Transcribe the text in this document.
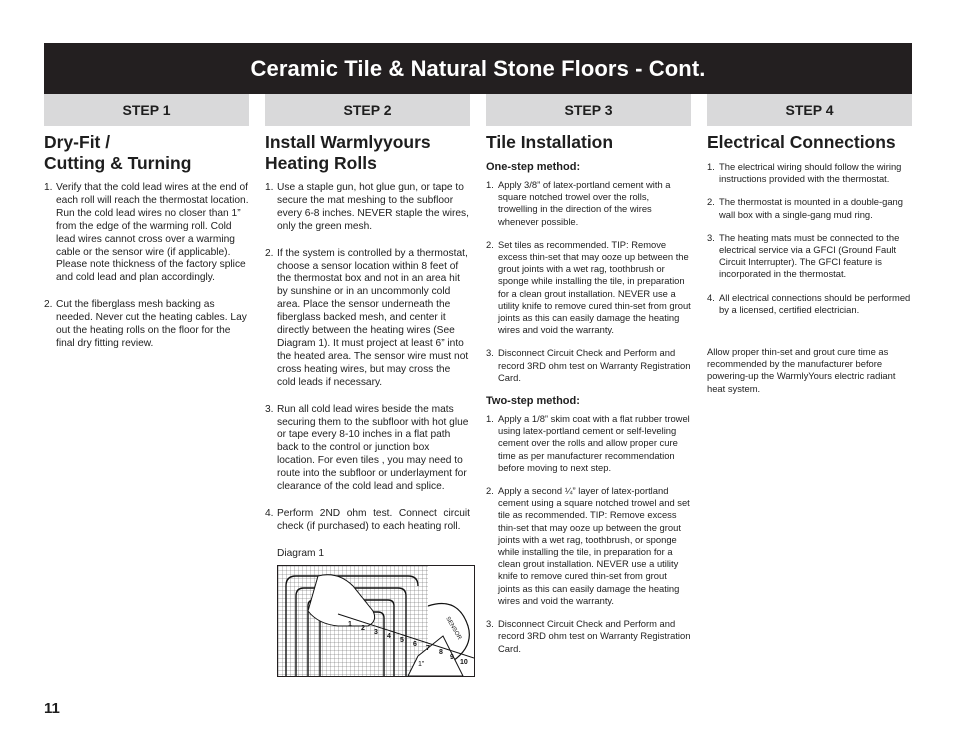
Ceramic Tile & Natural Stone Floors - Cont.
STEP 1	STEP 2	STEP 3	STEP 4
Dry-Fit /
Cutting & Turning
1. Verify that the cold lead wires at the end of each roll will reach the thermostat location. Run the cold lead wires no closer than 1” from the edge of the warming roll. Cold lead wires cannot cross over a warming cable or the sensor wire (if applicable). Please note thickness of the factory splice and cold lead and plan accordingly.
2. Cut the fiberglass mesh backing as needed. Never cut the heating cables. Lay out the heating rolls on the floor for the final dry fitting review.
Install Warmlyyours
Heating Rolls
1. Use a staple gun, hot glue gun, or tape to secure the mat meshing to the subfloor every 6-8 inches. NEVER staple the wires, only the green mesh.
2. If the system is controlled by a thermostat, choose a sensor location within 8 feet of the thermostat box and not in an area hit by sunshine or in an uncommonly cold area. Place the sensor underneath the fiberglass backed mesh, and center it directly between the heating wires (See Diagram 1). It must project at least 6” into the heated area. The sensor wire must not cross heating wires, but may cross the cold leads if necessary.
3. Run all cold lead wires beside the mats securing them to the subfloor with hot glue or tape every 8-10 inches in a flat path back to the control or junction box location. For even tiles , you may need to route into the subfloor or underlayment for clearance of the cold lead and splice.
4. Perform 2ND ohm test. Connect circuit check (if purchased) to each heating roll.
Diagram 1
1
2
3
4
5
6
7
8
9
10
SENSOR
1”
Tile Installation
One-step method:
1. Apply 3/8” of latex-portland cement with a square notched trowel over the rolls, trowelling in the direction of the wires whenever possible.
2. Set tiles as recommended. TIP: Remove excess thin-set that may ooze up between the grout joints with a wet rag, toothbrush or sponge while installing the tile, in preparation for a clean grout installation. NEVER use a utility knife to remove cured thin-set from grout joints as this can easily damage the heating wires and void the warranty.
3. Disconnect Circuit Check and Perform and record 3RD ohm test on Warranty Registration Card.
Two-step method:
1. Apply a 1/8” skim coat with a flat rubber trowel using latex-portland cement or self-leveling cement over the rolls and allow proper cure time as per manufacturer recommendation before moving to next step.
2. Apply a second ¼” layer of latex-portland cement using a square notched trowel and set tile as recommended. TIP: Remove excess thin-set that may ooze up between the grout joints with a wet rag, toothbrush, or sponge while installing the tile, in preparation for a clean grout installation. NEVER use a utility knife to remove cured thin-set from grout joints as this can easily damage the heating wires and void the warranty.
3. Disconnect Circuit Check and Perform and record 3RD ohm test on Warranty Registration Card.
Electrical Connections
1. The electrical wiring should follow the wiring instructions provided with the thermostat.
2. The thermostat is mounted in a double-gang wall box with a single-gang mud ring.
3. The heating mats must be connected to the electrical service via a GFCI (Ground Fault Circuit Interrupter). The GFCI feature is incorporated in the thermostat.
4. All electrical connections should be performed by a licensed, certified electrician.

Allow proper thin-set and grout cure time as recommended by the manufacturer before powering-up the WarmlyYours electric radiant heat system.

11
